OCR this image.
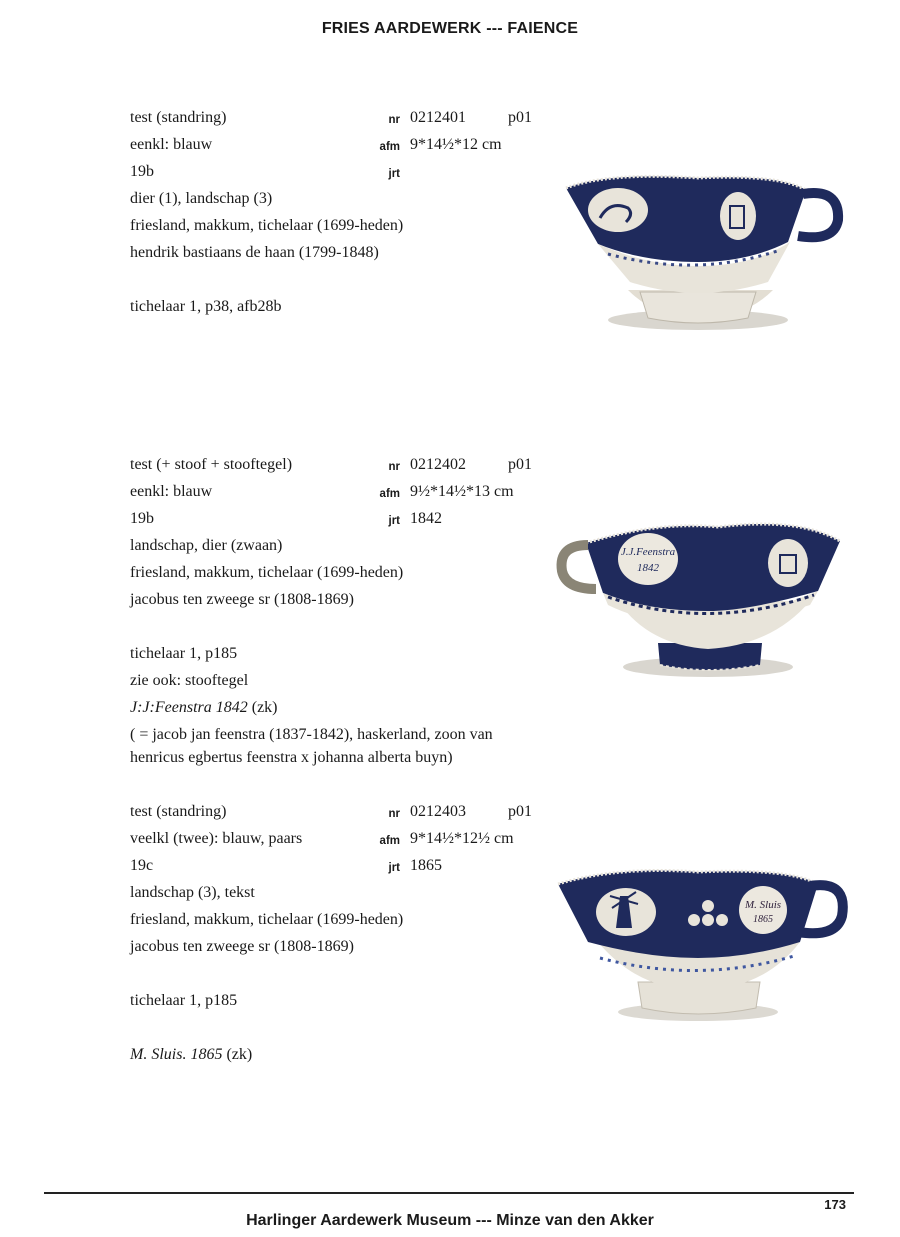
FRIES AARDEWERK --- FAIENCE
test (standring)	nr 0212401	p01
eenkl: blauw	afm 9*14½*12 cm
19b	jrt
dier (1), landschap (3)
friesland, makkum, tichelaar (1699-heden)
hendrik bastiaans de haan (1799-1848)
tichelaar 1, p38, afb28b
test (+ stoof + stooftegel)	nr 0212402	p01
eenkl: blauw	afm 9½*14½*13 cm
19b	jrt 1842
landschap, dier (zwaan)
friesland, makkum, tichelaar (1699-heden)
jacobus ten zweege sr (1808-1869)
tichelaar 1, p185
zie ook: stooftegel
J:J:Feenstra 1842 (zk)
( = jacob jan feenstra (1837-1842), haskerland, zoon van
henricus egbertus feenstra x johanna alberta buyn)
J.J.Feenstra
1842
test (standring)	nr 0212403	p01
veelkl (twee): blauw, paars	afm 9*14½*12½ cm
19c	jrt 1865
landschap (3), tekst
friesland, makkum, tichelaar (1699-heden)
jacobus ten zweege sr (1808-1869)
tichelaar 1, p185
M. Sluis. 1865 (zk)
M. Sluis
1865
173
Harlinger Aardewerk Museum --- Minze van den Akker
